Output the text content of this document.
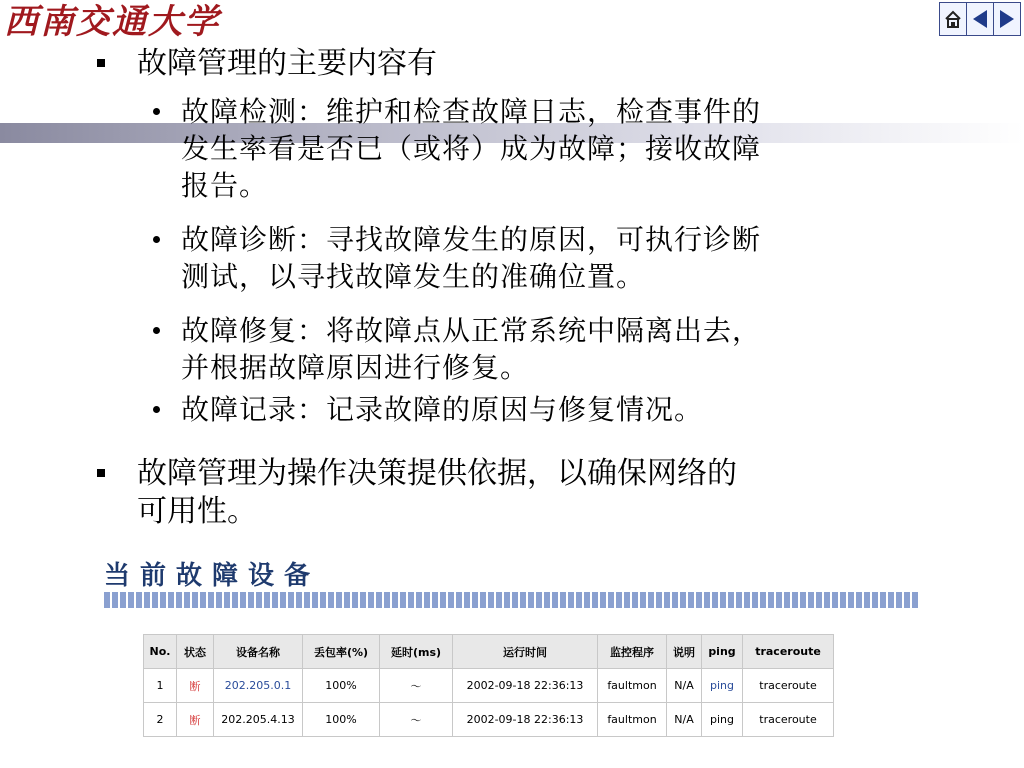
西南交通大学
故障管理的主要内容有
故障检测：维护和检查故障日志，检查事件的
发生率看是否已（或将）成为故障；接收故障
报告。
故障诊断：寻找故障发生的原因，可执行诊断
测试，以寻找故障发生的准确位置。
故障修复：将故障点从正常系统中隔离出去，
并根据故障原因进行修复。
故障记录：记录故障的原因与修复情况。
故障管理为操作决策提供依据，以确保网络的
可用性。
当前故障设备
No.	状态	设备名称	丢包率(%)	延时(ms)	运行时间	监控程序	说明	ping	traceroute
1	断	202.205.0.1	100%	～	2002-09-18 22:36:13	faultmon	N/A	ping	traceroute
2	断	202.205.4.13	100%	～	2002-09-18 22:36:13	faultmon	N/A	ping	traceroute
